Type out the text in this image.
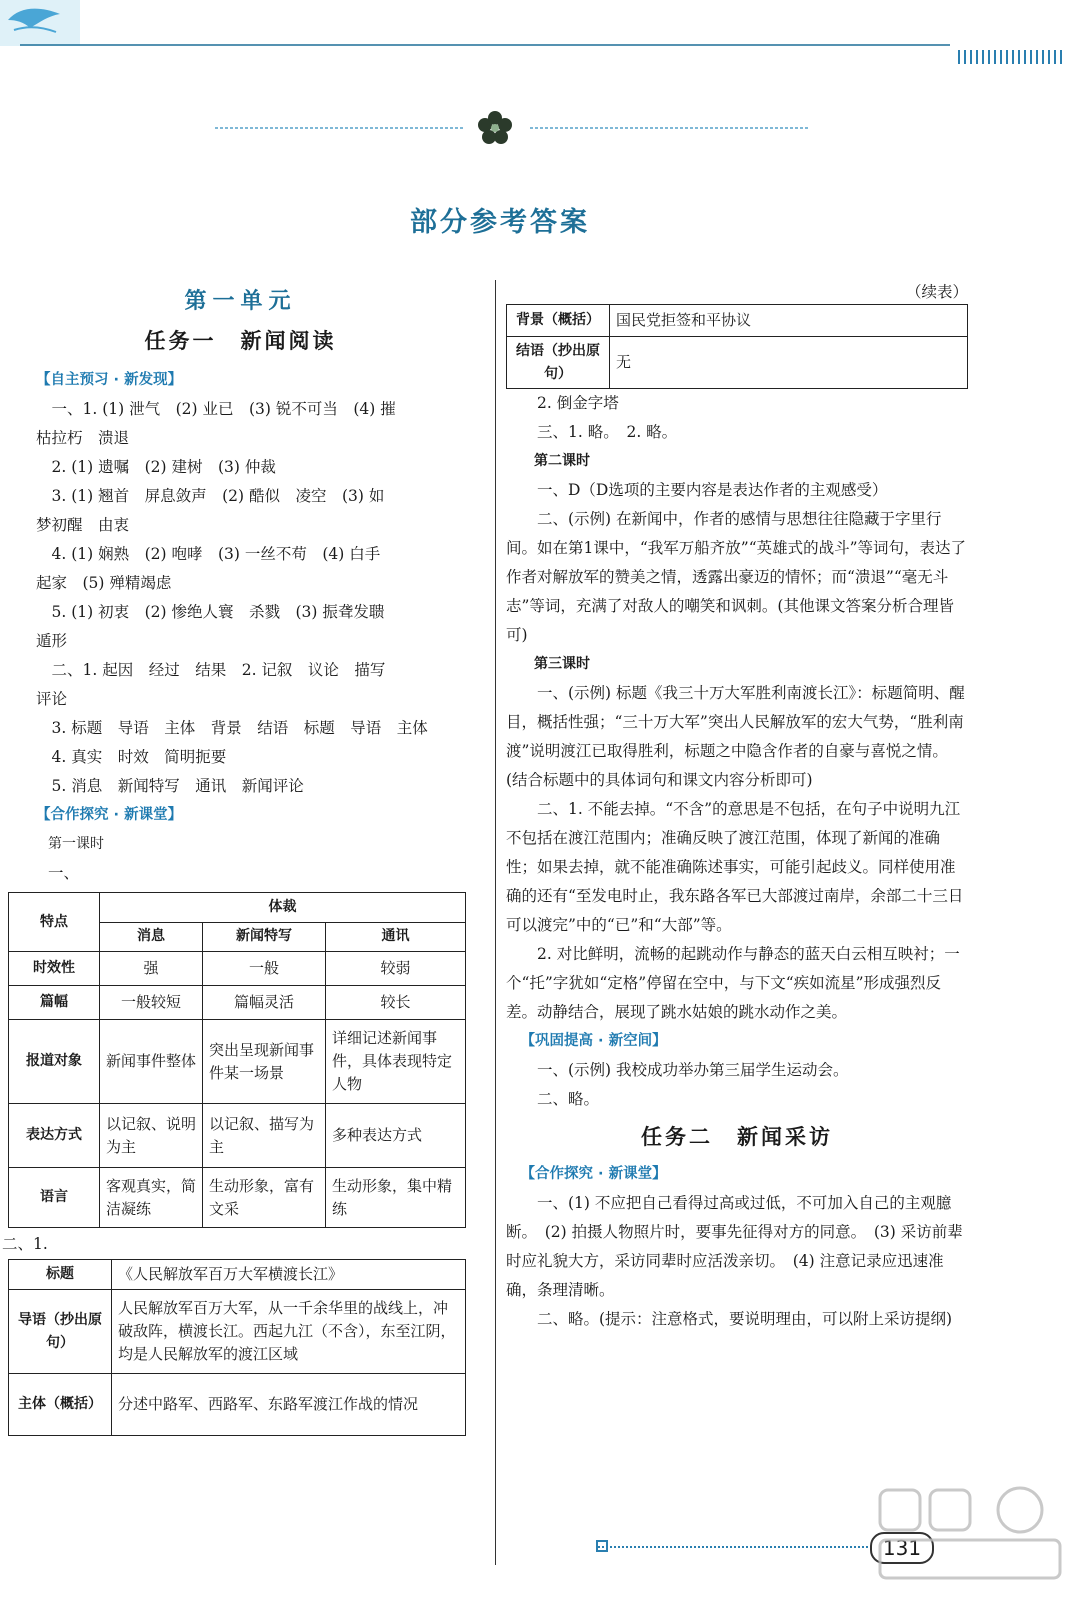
部分参考答案
第一单元
任务一　新闻阅读
【自主预习 · 新发现】

一、1. (1) 泄气　(2) 业已　(3) 锐不可当　(4) 摧

枯拉朽　溃退

2. (1) 遗嘱　(2) 建树　(3) 仲裁

3. (1) 翘首　屏息敛声　(2) 酷似　凌空　(3) 如

梦初醒　由衷

4. (1) 娴熟　(2) 咆哮　(3) 一丝不苟　(4) 白手

起家　(5) 殚精竭虑

5. (1) 初衷　(2) 惨绝人寰　杀戮　(3) 振聋发聩

遁形

二、1. 起因　经过　结果　2. 记叙　议论　描写

评论

3. 标题　导语　主体　背景　结语　标题　导语　主体

4. 真实　时效　简明扼要

5. 消息　新闻特写　通讯　新闻评论

【合作探究 · 新课堂】
第一课时
一、
特点	体裁		
	消息	新闻特写	通讯
时效性	强	一般	较弱
篇幅	一般较短	篇幅灵活	较长
报道对象	新闻事件整体	突出呈现新闻事件某一场景	详细记述新闻事件，具体表现特定人物
表达方式	以记叙、说明为主	以记叙、描写为主	多种表达方式
语言	客观真实，简洁凝练	生动形象，富有文采	生动形象，集中精练
二、1.
标题	《人民解放军百万大军横渡长江》
导语（抄出原句）	人民解放军百万大军，从一千余华里的战线上，冲破敌阵，横渡长江。西起九江（不含），东至江阴，均是人民解放军的渡江区域
主体（概括）	分述中路军、西路军、东路军渡江作战的情况
（续表）
背景（概括）	国民党拒签和平协议
结语（抄出原句）	无

2. 倒金字塔

三、1. 略。　2. 略。

第二课时

一、D（D选项的主要内容是表达作者的主观感受）

二、(示例) 在新闻中，作者的感情与思想往往隐藏于字里行间。如在第1课中，“我军万船齐放”“英雄式的战斗”等词句，表达了作者对解放军的赞美之情，透露出豪迈的情怀；而“溃退”“毫无斗志”等词，充满了对敌人的嘲笑和讽刺。(其他课文答案分析合理皆可)

第三课时

一、(示例) 标题《我三十万大军胜利南渡长江》：标题简明、醒目，概括性强；“三十万大军”突出人民解放军的宏大气势，“胜利南渡”说明渡江已取得胜利，标题之中隐含作者的自豪与喜悦之情。(结合标题中的具体词句和课文内容分析即可)

二、1. 不能去掉。“不含”的意思是不包括，在句子中说明九江不包括在渡江范围内；准确反映了渡江范围，体现了新闻的准确性；如果去掉，就不能准确陈述事实，可能引起歧义。同样使用准确的还有“至发电时止，我东路各军已大部渡过南岸，余部二十三日可以渡完”中的“已”和“大部”等。

2. 对比鲜明，流畅的起跳动作与静态的蓝天白云相互映衬；一个“托”字犹如“定格”停留在空中，与下文“疾如流星”形成强烈反差。动静结合，展现了跳水姑娘的跳水动作之美。

【巩固提高 · 新空间】

一、(示例) 我校成功举办第三届学生运动会。

二、略。

任务二　新闻采访
【合作探究 · 新课堂】

一、(1) 不应把自己看得过高或过低，不可加入自己的主观臆断。　(2) 拍摄人物照片时，要事先征得对方的同意。　(3) 采访前辈时应礼貌大方，采访同辈时应活泼亲切。　(4) 注意记录应迅速准确，条理清晰。

二、略。(提示：注意格式，要说明理由，可以附上采访提纲)

131
